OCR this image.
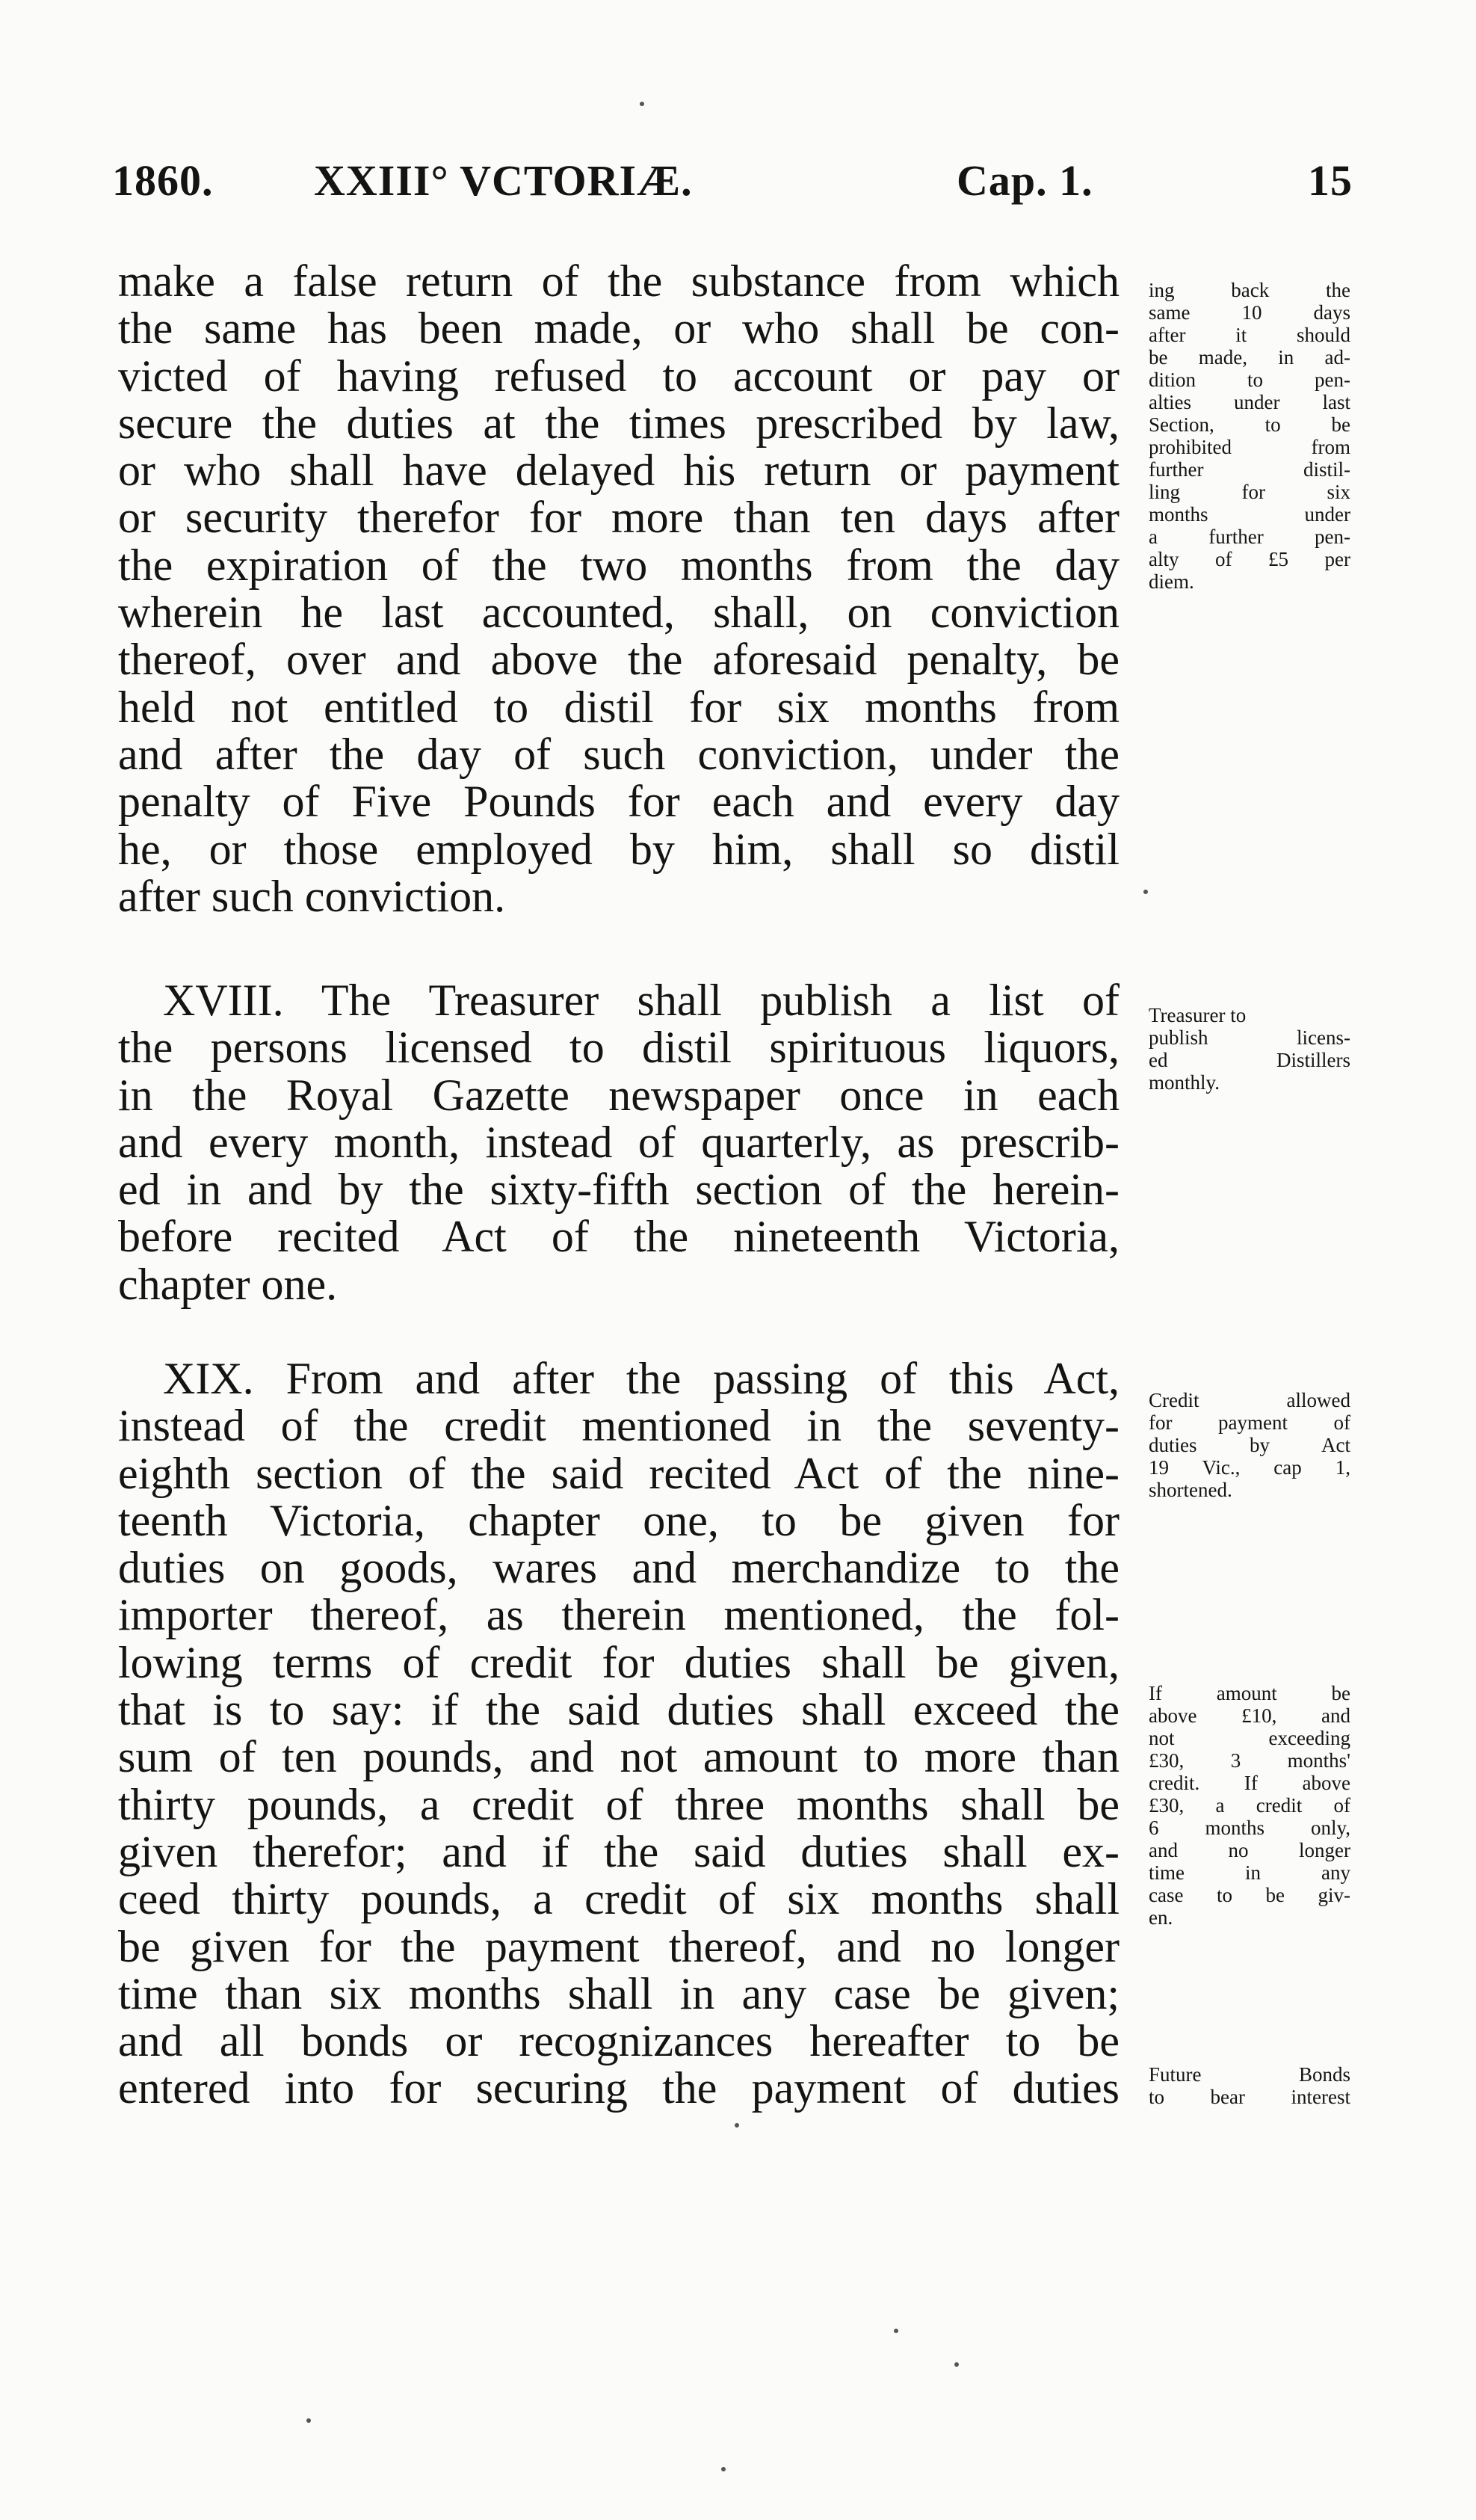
1860. XXIII° VCTORIÆ.	Cap. 1.	15
make a false return of the substance from which
the same has been made, or who shall be con-
victed of having refused to account or pay or
secure the duties at the times prescribed by law,
or who shall have delayed his return or payment
or security therefor for more than ten days after
the expiration of the two months from the day
wherein he last accounted, shall, on conviction
thereof, over and above the aforesaid penalty, be
held not entitled to distil for six months from
and after the day of such conviction, under the
penalty of Five Pounds for each and every day
he, or those employed by him, shall so distil
after such conviction.
XVIII. The Treasurer shall publish a list of
the persons licensed to distil spirituous liquors,
in the Royal Gazette newspaper once in each
and every month, instead of quarterly, as prescrib-
ed in and by the sixty-fifth section of the herein-
before recited Act of the nineteenth Victoria,
chapter one.
XIX. From and after the passing of this Act,
instead of the credit mentioned in the seventy-
eighth section of the said recited Act of the nine-
teenth Victoria, chapter one, to be given for
duties on goods, wares and merchandize to the
importer thereof, as therein mentioned, the fol-
lowing terms of credit for duties shall be given,
that is to say: if the said duties shall exceed the
sum of ten pounds, and not amount to more than
thirty pounds, a credit of three months shall be
given therefor; and if the said duties shall ex-
ceed thirty pounds, a credit of six months shall
be given for the payment thereof, and no longer
time than six months shall in any case be given;
and all bonds or recognizances hereafter to be
entered into for securing the payment of duties
ing back the
same 10 days
after it should
be made, in ad-
dition to pen-
alties under last
Section, to be
prohibited from
further distil-
ling for six
months under
a further pen-
alty of £5 per
diem.
Treasurer to
publish licens-
ed Distillers
monthly.
Credit allowed
for payment of
duties by Act
19 Vic., cap 1,
shortened.
If amount be
above £10, and
not exceeding
£30, 3 months'
credit. If above
£30, a credit of
6 months only,
and no longer
time in any
case to be giv-
en.
Future Bonds
to bear interest
